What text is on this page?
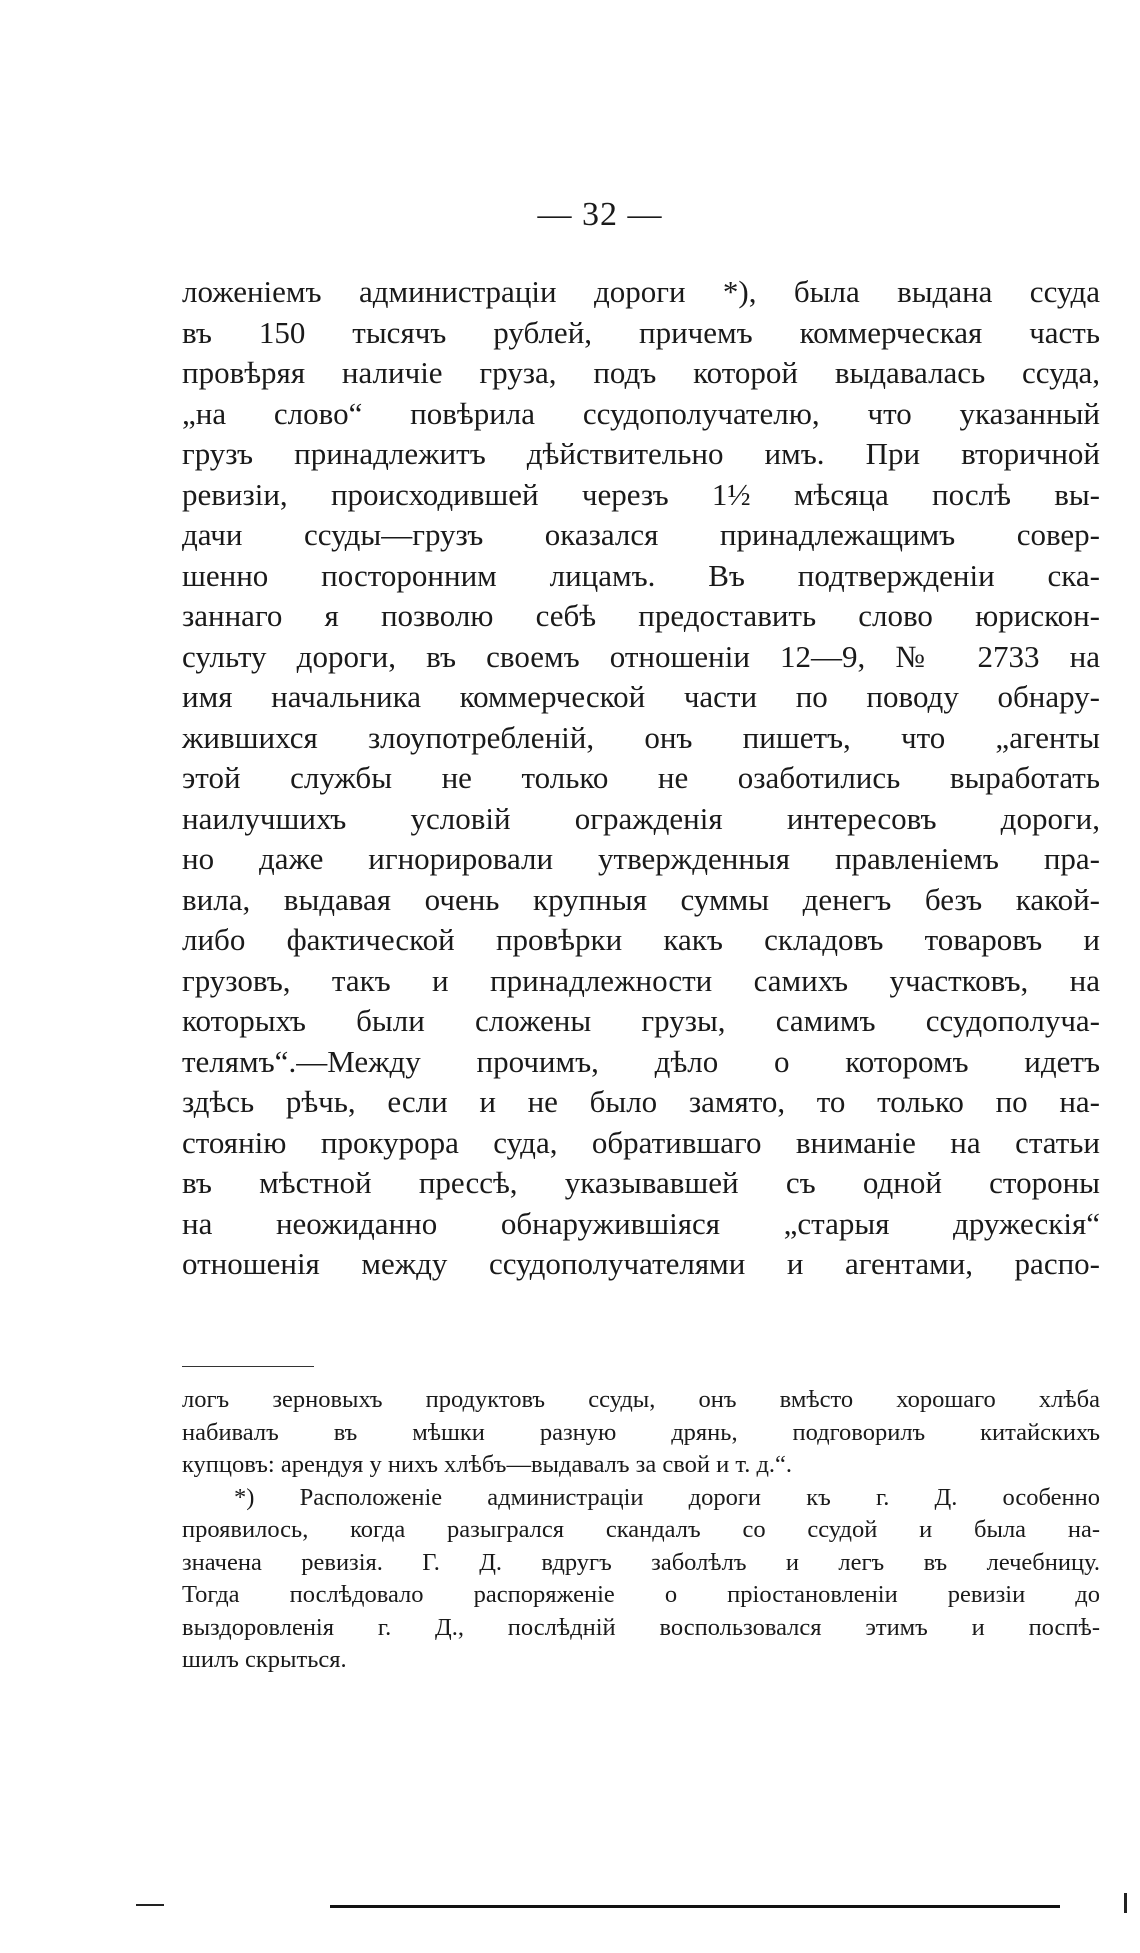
— 32 —
ложеніемъ администраціи дороги *), была выдана ссуда
въ 150 тысячъ рублей, причемъ коммерческая часть
провѣряя наличіе груза, подъ которой выдавалась ссуда,
„на слово“ повѣрила ссудополучателю, что указанный
грузъ принадлежитъ дѣйствительно имъ. При вторичной
ревизіи, происходившей черезъ 1½ мѣсяца послѣ вы-
дачи ссуды—грузъ оказался принадлежащимъ совер-
шенно посторонним лицамъ. Въ подтвержденіи ска-
заннаго я позволю себѣ предоставить слово юрискон-
сульту дороги, въ своемъ отношеніи 12—9, № 2733 на
имя начальника коммерческой части по поводу обнару-
жившихся злоупотребленій, онъ пишетъ, что „агенты
этой службы не только не озаботились выработать
наилучшихъ условій огражденія интересовъ дороги,
но даже игнорировали утвержденныя правленіемъ пра-
вила, выдавая очень крупныя суммы денегъ безъ какой-
либо фактической провѣрки какъ складовъ товаровъ и
грузовъ, такъ и принадлежности самихъ участковъ, на
которыхъ были сложены грузы, самимъ ссудополуча-
телямъ“.—Между прочимъ, дѣло о которомъ идетъ
здѣсь рѣчь, если и не было замято, то только по на-
стоянію прокурора суда, обратившаго вниманіе на статьи
въ мѣстной прессѣ, указывавшей съ одной стороны
на неожиданно обнаружившіяся „старыя дружескія“
отношенія между ссудополучателями и агентами, распо-
логъ зерновыхъ продуктовъ ссуды, онъ вмѣсто хорошаго хлѣба
набивалъ въ мѣшки разную дрянь, подговорилъ китайскихъ
купцовъ: арендуя у нихъ хлѣбъ—выдавалъ за свой и т. д.“.
*) Расположеніе администраціи дороги къ г. Д. особенно
проявилось, когда разыгрался скандалъ со ссудой и была на-
значена ревизія. Г. Д. вдругъ заболѣлъ и легъ въ лечебницу.
Тогда послѣдовало распоряженіе о пріостановленіи ревизіи до
выздоровленія г. Д., послѣдній воспользовался этимъ и поспѣ-
шилъ скрыться.
